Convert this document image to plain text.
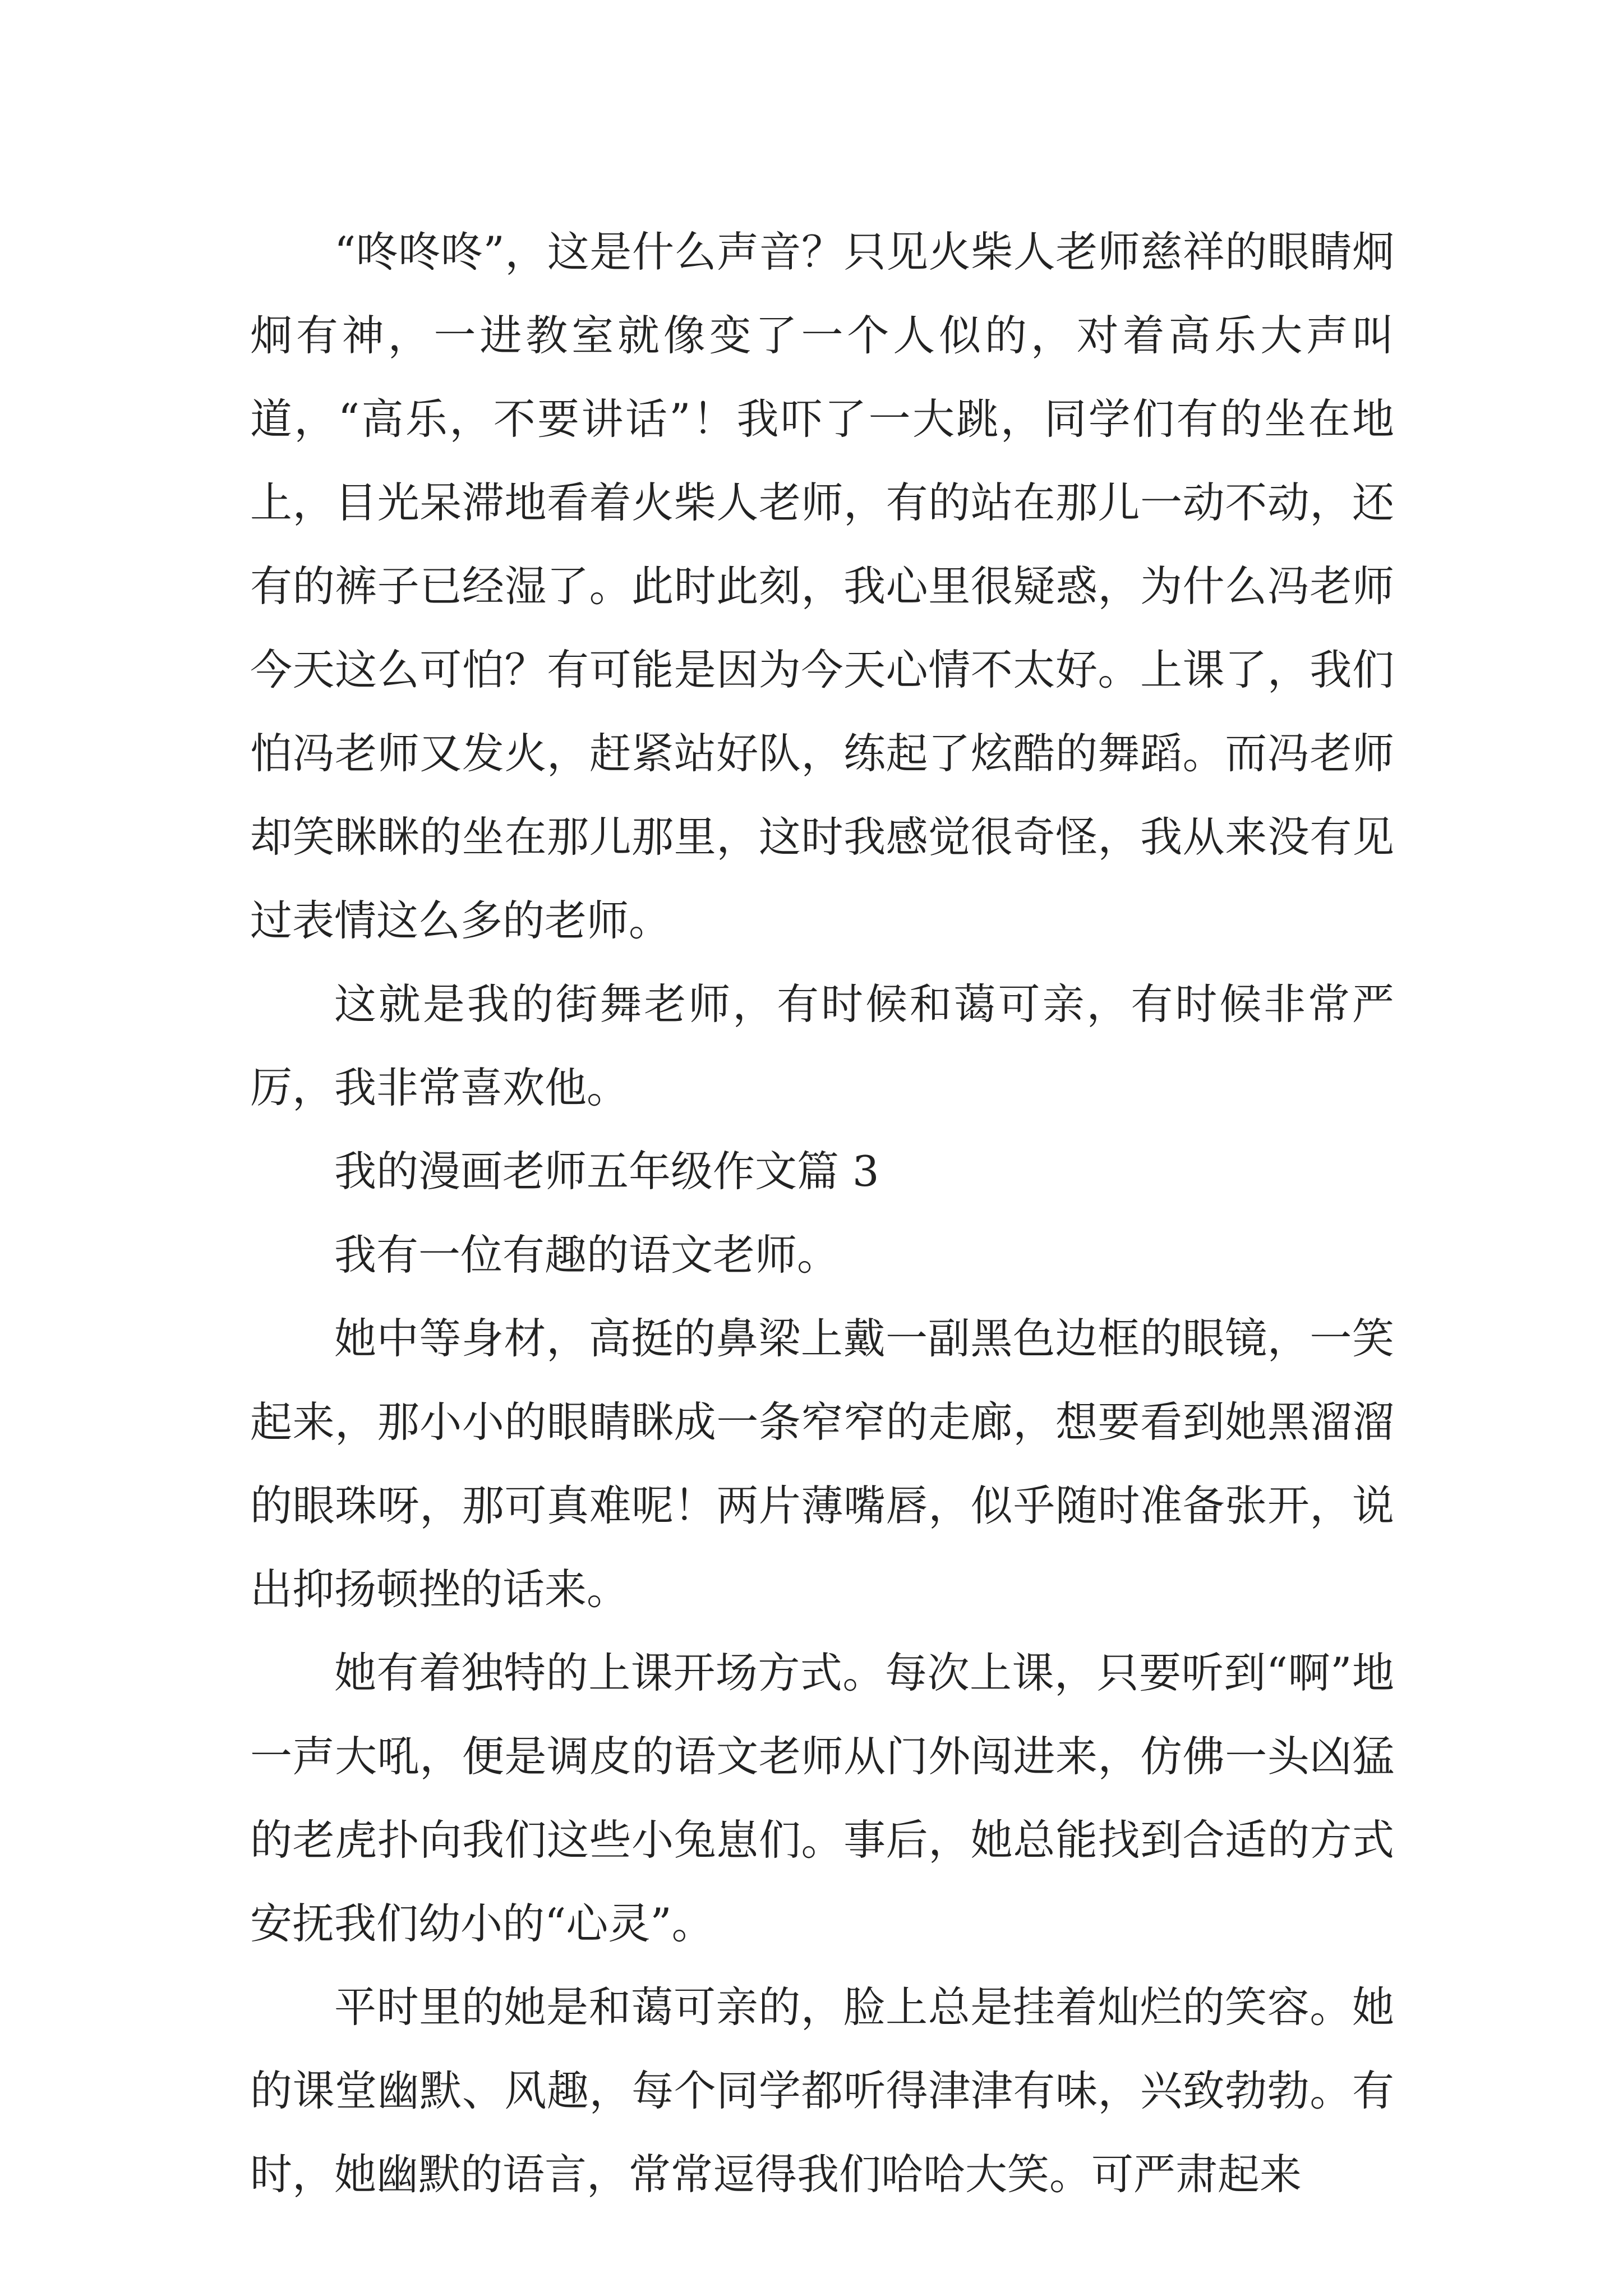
“咚咚咚”，这是什么声音？只见火柴人老师慈祥的眼睛炯炯有神，一进教室就像变了一个人似的，对着高乐大声叫道，“高乐，不要讲话”！我吓了一大跳，同学们有的坐在地上，目光呆滞地看着火柴人老师，有的站在那儿一动不动，还有的裤子已经湿了。此时此刻，我心里很疑惑，为什么冯老师今天这么可怕？有可能是因为今天心情不太好。上课了，我们怕冯老师又发火，赶紧站好队，练起了炫酷的舞蹈。而冯老师却笑眯眯的坐在那儿那里，这时我感觉很奇怪，我从来没有见过表情这么多的老师。

这就是我的街舞老师，有时候和蔼可亲，有时候非常严厉，我非常喜欢他。

我的漫画老师五年级作文篇 3

我有一位有趣的语文老师。

她中等身材，高挺的鼻梁上戴一副黑色边框的眼镜，一笑起来，那小小的眼睛眯成一条窄窄的走廊，想要看到她黑溜溜的眼珠呀，那可真难呢！两片薄嘴唇，似乎随时准备张开，说出抑扬顿挫的话来。

她有着独特的上课开场方式。每次上课，只要听到“啊”地一声大吼，便是调皮的语文老师从门外闯进来，仿佛一头凶猛的老虎扑向我们这些小兔崽们。事后，她总能找到合适的方式安抚我们幼小的“心灵”。

平时里的她是和蔼可亲的，脸上总是挂着灿烂的笑容。她的课堂幽默、风趣，每个同学都听得津津有味，兴致勃勃。有时，她幽默的语言，常常逗得我们哈哈大笑。可严肃起来
